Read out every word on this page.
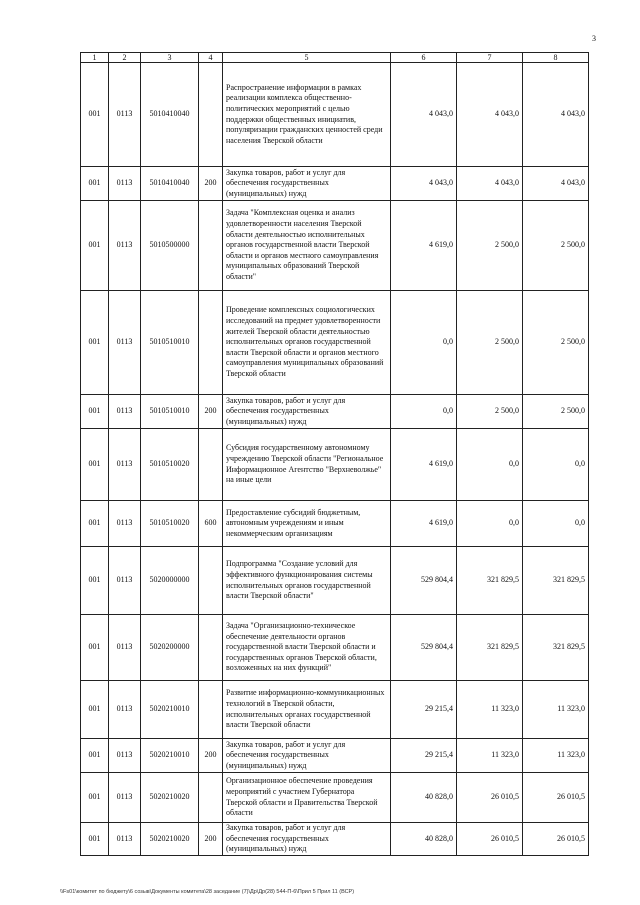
3
1	2	3	4	5	6	7	8
001	0113	5010410040		Распространение информации в рамках реализации комплекса общественно-политических мероприятий с целью поддержки общественных инициатив, популяризации гражданских ценностей среди населения Тверской области	4 043,0	4 043,0	4 043,0
001	0113	5010410040	200	Закупка товаров, работ и услуг для обеспечения государственных (муниципальных) нужд	4 043,0	4 043,0	4 043,0
001	0113	5010500000		Задача "Комплексная оценка и анализ удовлетворенности населения Тверской области деятельностью исполнительных органов государственной власти Тверской области и органов местного самоуправления муниципальных образований Тверской области"	4 619,0	2 500,0	2 500,0
001	0113	5010510010		Проведение комплексных социологических исследований на предмет удовлетворенности жителей Тверской области деятельностью исполнительных органов государственной власти Тверской области и органов местного самоуправления муниципальных образований Тверской области	0,0	2 500,0	2 500,0
001	0113	5010510010	200	Закупка товаров, работ и услуг для обеспечения государственных (муниципальных) нужд	0,0	2 500,0	2 500,0
001	0113	5010510020		Субсидия государственному автономному учреждению Тверской области "Региональное Информационное Агентство "Верхневолжье" на иные цели	4 619,0	0,0	0,0
001	0113	5010510020	600	Предоставление субсидий бюджетным, автономным учреждениям и иным некоммерческим организациям	4 619,0	0,0	0,0
001	0113	5020000000		Подпрограмма "Создание условий для эффективного функционирования системы исполнительных органов государственной власти Тверской области"	529 804,4	321 829,5	321 829,5
001	0113	5020200000		Задача "Организационно-техническое обеспечение деятельности органов государственной власти Тверской области и государственных органов Тверской области, возложенных на них функций"	529 804,4	321 829,5	321 829,5
001	0113	5020210010		Развитие информационно-коммуникационных технологий в Тверской области, исполнительных органах государственной власти Тверской области	29 215,4	11 323,0	11 323,0
001	0113	5020210010	200	Закупка товаров, работ и услуг для обеспечения государственных (муниципальных) нужд	29 215,4	11 323,0	11 323,0
001	0113	5020210020		Организационное обеспечение проведения мероприятий с участием Губернатора Тверской области и Правительства Тверской области	40 828,0	26 010,5	26 010,5
001	0113	5020210020	200	Закупка товаров, работ и услуг для обеспечения государственных (муниципальных) нужд	40 828,0	26 010,5	26 010,5
\\Fs01\комитет по бюджету\6 созыв\Документы комитета\28 заседание (7)\Др\Др(28) 544-П-6\Прил 5 Прил 11 (ВСР)
